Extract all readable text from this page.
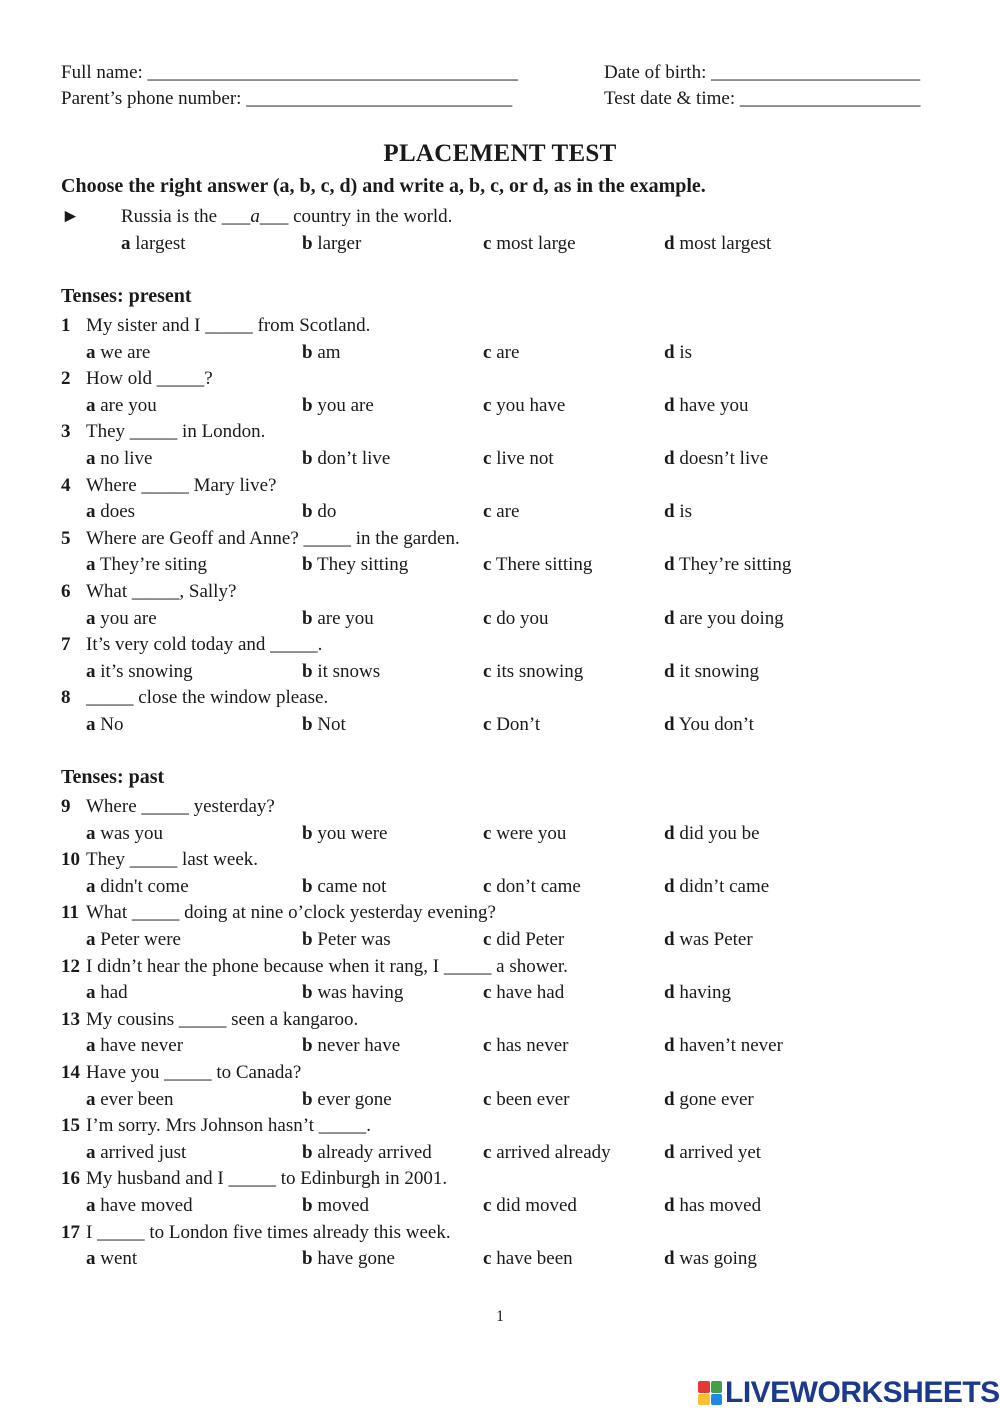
Full name: _______________________________________	Date of birth: ______________________
Parent’s phone number: ____________________________	Test date & time: ___________________
PLACEMENT TEST
Choose the right answer (a, b, c, d) and write a, b, c, or d, as in the example.
► Russia is the ___a___ country in the world.
a largest	b larger	c most large	d most largest
Tenses: present
1 My sister and I _____ from Scotland.
a we are	b am	c are	d is
2 How old _____?
a are you	b you are	c you have	d have you
3 They _____ in London.
a no live	b don’t live	c live not	d doesn’t live
4 Where _____ Mary live?
a does	b do	c are	d is
5 Where are Geoff and Anne? _____ in the garden.
a They’re siting	b They sitting	c There sitting	d They’re sitting
6 What _____, Sally?
a you are	b are you	c do you	d are you doing
7 It’s very cold today and _____.
a it’s snowing	b it snows	c its snowing	d it snowing
8 _____ close the window please.
a No	b Not	c Don’t	d You don’t
Tenses: past
9 Where _____ yesterday?
a was you	b you were	c were you	d did you be
10 They _____ last week.
a didn't come	b came not	c don’t came	d didn’t came
11 What _____ doing at nine o’clock yesterday evening?
a Peter were	b Peter was	c did Peter	d was Peter
12 I didn’t hear the phone because when it rang, I _____ a shower.
a had	b was having	c have had	d having
13 My cousins _____ seen a kangaroo.
a have never	b never have	c has never	d haven’t never
14 Have you _____ to Canada?
a ever been	b ever gone	c been ever	d gone ever
15 I’m sorry. Mrs Johnson hasn’t _____.
a arrived just	b already arrived	c arrived already	d arrived yet
16 My husband and I _____ to Edinburgh in 2001.
a have moved	b moved	c did moved	d has moved
17 I _____ to London five times already this week.
a went	b have gone	c have been	d was going
1
LIVEWORKSHEETS
